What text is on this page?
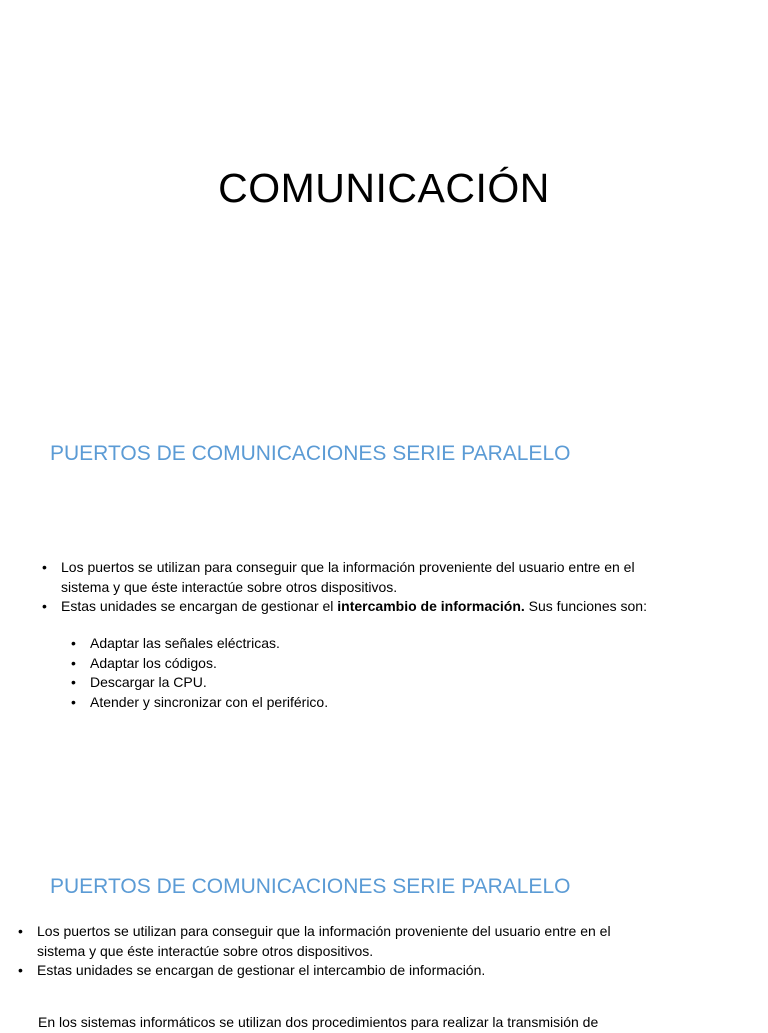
COMUNICACIÓN
PUERTOS DE COMUNICACIONES SERIE PARALELO
• Los puertos se utilizan para conseguir que la información proveniente del usuario entre en el sistema y que éste interactúe sobre otros dispositivos.
• Estas unidades se encargan de gestionar el intercambio de información. Sus funciones son:
• Adaptar las señales eléctricas.
• Adaptar los códigos.
• Descargar la CPU.
• Atender y sincronizar con el periférico.
PUERTOS DE COMUNICACIONES SERIE PARALELO
• Los puertos se utilizan para conseguir que la información proveniente del usuario entre en el sistema y que éste interactúe sobre otros dispositivos.
• Estas unidades se encargan de gestionar el intercambio de información.
En los sistemas informáticos se utilizan dos procedimientos para realizar la transmisión de
